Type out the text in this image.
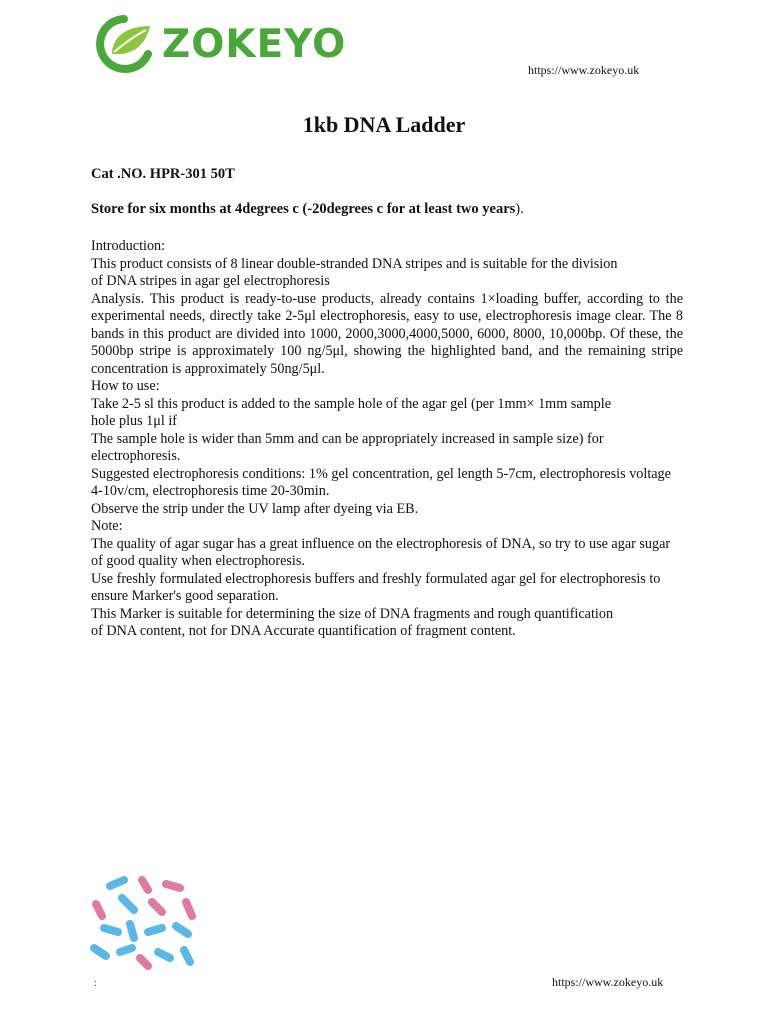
ZOKEYO
https://www.zokeyo.uk
1kb DNA Ladder
Cat .NO. HPR-301 50T
Store for six months at 4degrees c (-20degrees c for at least two years).

Introduction:

This product consists of 8 linear double-stranded DNA stripes and is suitable for the division

of DNA stripes in agar gel electrophoresis

Analysis. This product is ready-to-use products, already contains 1×loading buffer, according to the experimental needs, directly take 2-5μl electrophoresis, easy to use, electrophoresis image clear. The 8 bands in this product are divided into 1000, 2000,3000,4000,5000, 6000, 8000, 10,000bp. Of these, the 5000bp stripe is approximately 100 ng/5μl, showing the highlighted band, and the remaining stripe concentration is approximately 50ng/5μl.

How to use:

Take 2-5 sl this product is added to the sample hole of the agar gel (per 1mm× 1mm sample

hole plus 1μl if

The sample hole is wider than 5mm and can be appropriately increased in sample size) for electrophoresis.

Suggested electrophoresis conditions: 1% gel concentration, gel length 5-7cm, electrophoresis voltage 4-10v/cm, electrophoresis time 20-30min.

Observe the strip under the UV lamp after dyeing via EB.

Note:

The quality of agar sugar has a great influence on the electrophoresis of DNA, so try to use agar sugar of good quality when electrophoresis.

Use freshly formulated electrophoresis buffers and freshly formulated agar gel for electrophoresis to ensure Marker's good separation.

This Marker is suitable for determining the size of DNA fragments and rough quantification

of DNA content, not for DNA Accurate quantification of fragment content.

:	https://www.zokeyo.uk
